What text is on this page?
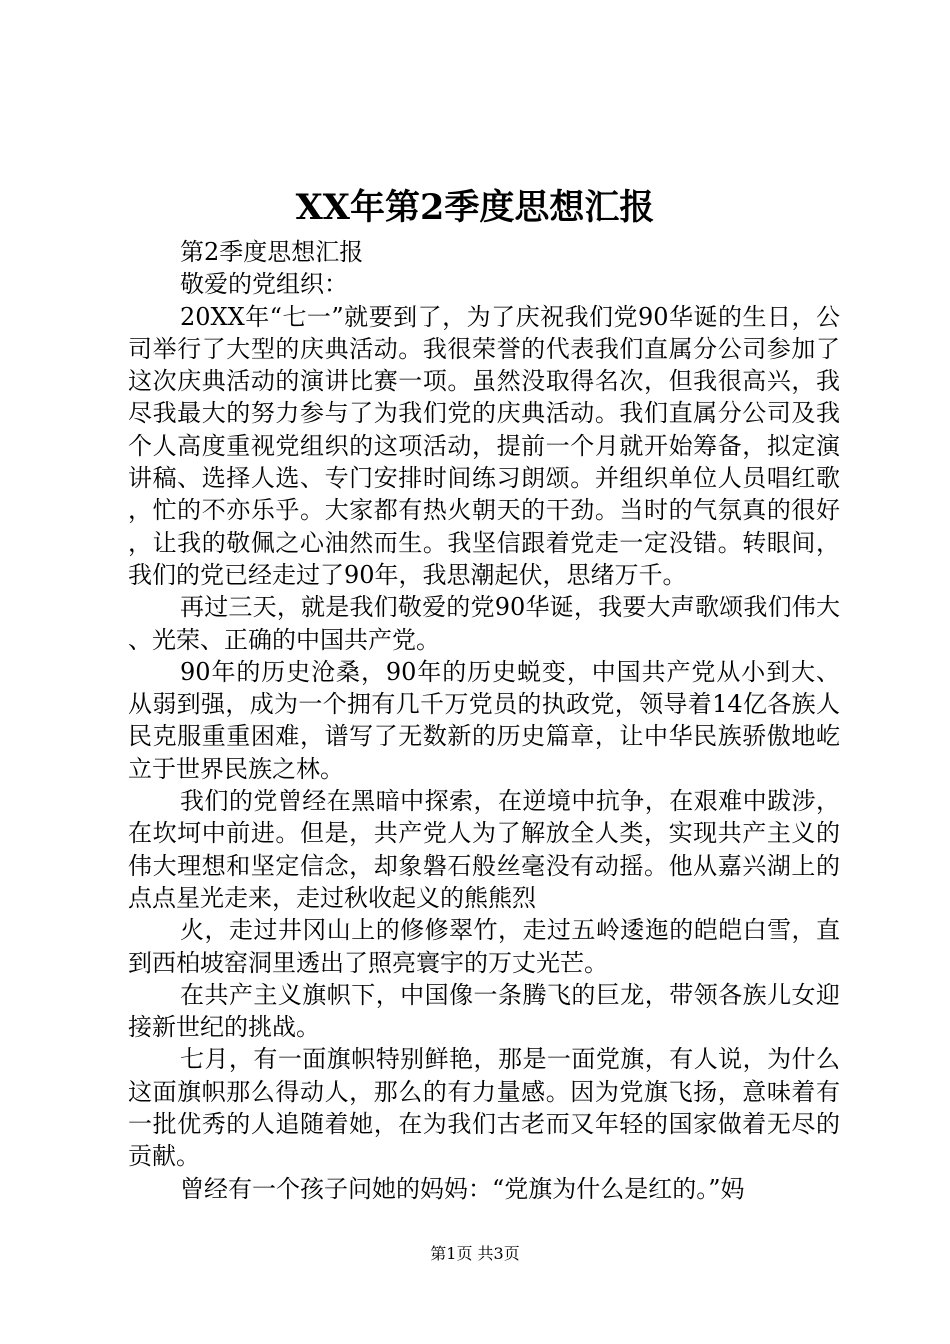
XX年第2季度思想汇报

第2季度思想汇报

敬爱的党组织：

20XX年“七一”就要到了，为了庆祝我们党90华诞的生日，公司举行了大型的庆典活动。我很荣誉的代表我们直属分公司参加了这次庆典活动的演讲比赛一项。虽然没取得名次，但我很高兴，我尽我最大的努力参与了为我们党的庆典活动。我们直属分公司及我个人高度重视党组织的这项活动，提前一个月就开始筹备，拟定演讲稿、选择人选、专门安排时间练习朗颂。并组织单位人员唱红歌，忙的不亦乐乎。大家都有热火朝天的干劲。当时的气氛真的很好，让我的敬佩之心油然而生。我坚信跟着党走一定没错。转眼间，我们的党已经走过了90年，我思潮起伏，思绪万千。

再过三天，就是我们敬爱的党90华诞，我要大声歌颂我们伟大、光荣、正确的中国共产党。

90年的历史沧桑，90年的历史蜕变，中国共产党从小到大、从弱到强，成为一个拥有几千万党员的执政党，领导着14亿各族人民克服重重困难，谱写了无数新的历史篇章，让中华民族骄傲地屹立于世界民族之林。

我们的党曾经在黑暗中探索，在逆境中抗争，在艰难中跋涉，在坎坷中前进。但是，共产党人为了解放全人类，实现共产主义的伟大理想和坚定信念，却象磐石般丝毫没有动摇。他从嘉兴湖上的点点星光走来，走过秋收起义的熊熊烈

火，走过井冈山上的修修翠竹，走过五岭逶迤的皑皑白雪，直到西柏坡窑洞里透出了照亮寰宇的万丈光芒。

在共产主义旗帜下，中国像一条腾飞的巨龙，带领各族儿女迎接新世纪的挑战。

七月，有一面旗帜特别鲜艳，那是一面党旗，有人说，为什么这面旗帜那么得动人，那么的有力量感。因为党旗飞扬，意味着有一批优秀的人追随着她，在为我们古老而又年轻的国家做着无尽的贡献。

曾经有一个孩子问她的妈妈：“党旗为什么是红的。”妈

第1页 共3页
